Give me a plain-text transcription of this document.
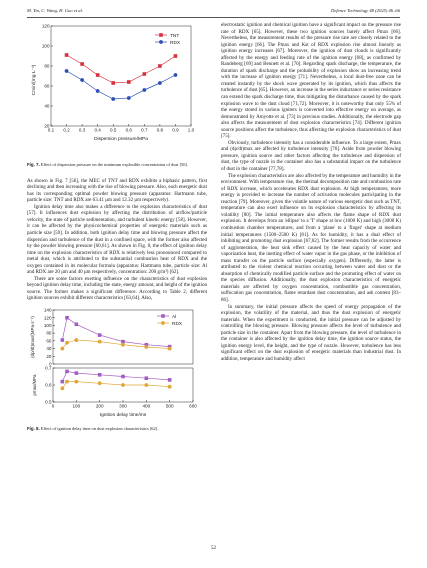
M. Yin, C. Wang, H. Guo et al.	Defence Technology 48 (2025) 46–66
20
40
60
80
100
120
0.1 0.2 0.3 0.4 0.5 0.6 0.7 0.8 0.9 1.0
Cmin/(mg·L⁻¹)
Dispersion pressure/MPa
TNT
RDX
Fig. 7. Effect of dispersion pressure on the minimum explosible concentration of dust [56].

As shown in Fig. 7 [56], the MEC of TNT and RDX exhibits a biphasic pattern, first declining and then increasing with the rise of blowing pressure. Also, each energetic dust has its corresponding optimal powder blowing pressure (apparatus: Hartmann tube, particle size: TNT and RDX are 63.41 μm and 12.32 μm respectively).

Ignition delay time also makes a difference to the explosion characteristics of dust [57]. It influences dust explosion by affecting the distribution of airflow/particle velocity, the state of particle sedimentation, and turbulent kinetic energy [58]. However, it can be affected by the physicochemical properties of energetic materials such as particle size [59]. In addition, both ignition delay time and blowing pressure affect the dispersion and turbulence of the dust in a confined space, with the former also affected by the powder blowing pressure [60,61]. As shown in Fig. 8, the effect of ignition delay time on the explosion characteristics of RDX is relatively less pronounced compared to metal dust, which is attributed to the substantial combustion heat of RDX and the oxygen contained in its molecular formula (apparatus: Hartmann tube, particle size: Al and RDX are 20 μm and 40 μm respectively, concentration: 200 g/m³) [62].

There are some factors exerting influence on the characteristics of dust explosion beyond ignition delay time, including the state, energy amount, and height of the ignition source. The former makes a significant difference. According to Table 2, different ignition sources exhibit different characteristics [63,64]. Also,

0
20
40
60
80
100
120
140
0.5
0.6
0.7
0	100	200	300	400	500	600
(dp/dt)max/(MPa·s⁻¹)
pmax/MPa
Ignition delay time/ms
Al
RDX
Fig. 8. Effect of ignition delay time on dust explosion characteristics [62].

electrostatic ignition and chemical ignition have a significant impact on the pressure rise rate of RDX [65]. However, these two ignition sources barely affect Pmax [66]. Nevertheless, the measurement results of the pressure rise rate are closely related to the ignition energy [66]. The Pmax and Kst of RDX explosion rise almost linearly as ignition energy increases [67]. Moreover, the ignition of dust clouds is significantly affected by the energy and feeding rate of the ignition energy [68], as confirmed by Randeberg [69] and Bennett et al. [70]. Regarding spark discharge, the temperature, the duration of spark discharge and the probability of explosion show an increasing trend with the increase of ignition energy [71]. Nevertheless, a local dust-free zone can be created instantly by the shock wave generated by its ignition, which thus affects the turbulence of dust [65]. However, an increase in the series inductance or series resistance can extend the spark discharge time, thus mitigating the disturbance caused by the spark explosion wave to the dust cloud [71,72]. Moreover, it is noteworthy that only 55% of the energy stored in various igniters is converted into effective energy on average, as demonstrated by Amyotte et al. [73] in previous studies. Additionally, the electrode gap also affects the measurement of dust explosion characteristics [74]. Different ignition source positions affect the turbulence, thus affecting the explosion characteristics of dust [75].

Obviously, turbulence intensity has a considerable influence. To a large extent, Pmax and (dp/dt)max are affected by turbulence intensity [76]. Aside from powder blowing pressure, ignition source and other factors affecting the turbulence and dispersion of dust, the type of nozzle in the container also has a substantial impact on the turbulence of dust in the container [77,78].

The explosion characteristics are also affected by the temperature and humidity in the environment. With temperature rise, the thermal decomposition rate and combustion rate of RDX increase, which accelerates RDX dust explosion. At high temperatures, more energy is provided to increase the number of activation molecules participating in the reaction [79]. Moreover, given the volatile nature of various energetic dust such as TNT, temperature can also exert influence on its explosion characteristics by affecting its volatility [80]. The initial temperature also affects the flame shape of RDX dust explosion. It develops from an 'ellipse' to a 'T' shape at low (1000 K) and high (3000 K) combustion chamber temperatures, and from a 'plane' to a 'finger' shape at medium initial temperatures (1500–2500 K) [81]. As for humidity, it has a dual effect of inhibiting and promoting dust explosion [67,82]. The former results from the occurrence of agglomeration, the heat sink effect caused by the heat capacity of water and vaporization heat, the inerting effect of water vapor in the gas phase, or the inhibition of mass transfer on the particle surface (especially oxygen). Differently, the latter is attributed to the violent chemical reaction occurring between water and dust or the absorption of chemically modified particle surface and the promoting effect of water on the species diffusion. Additionally, the dust explosion characteristics of energetic materials are affected by oxygen concentration, combustible gas concentration, suffocation gas concentration, flame retardant dust concentration, and ash content [83–86].

In summary, the initial pressure affects the speed of energy propagation of the explosion, the volatility of the material, and thus the dust explosion of energetic materials. When the experiment is conducted, the initial pressure can be adjusted by controlling the blowing pressure. Blowing pressure affects the level of turbulence and particle size in the container. Apart from the blowing pressure, the level of turbulence in the container is also affected by the ignition delay time, the ignition source status, the ignition energy level, the height, and the type of nozzle. However, turbulence has less significant effect on the dust explosion of energetic materials than industrial dust. In addition, temperature and humidity affect

52
